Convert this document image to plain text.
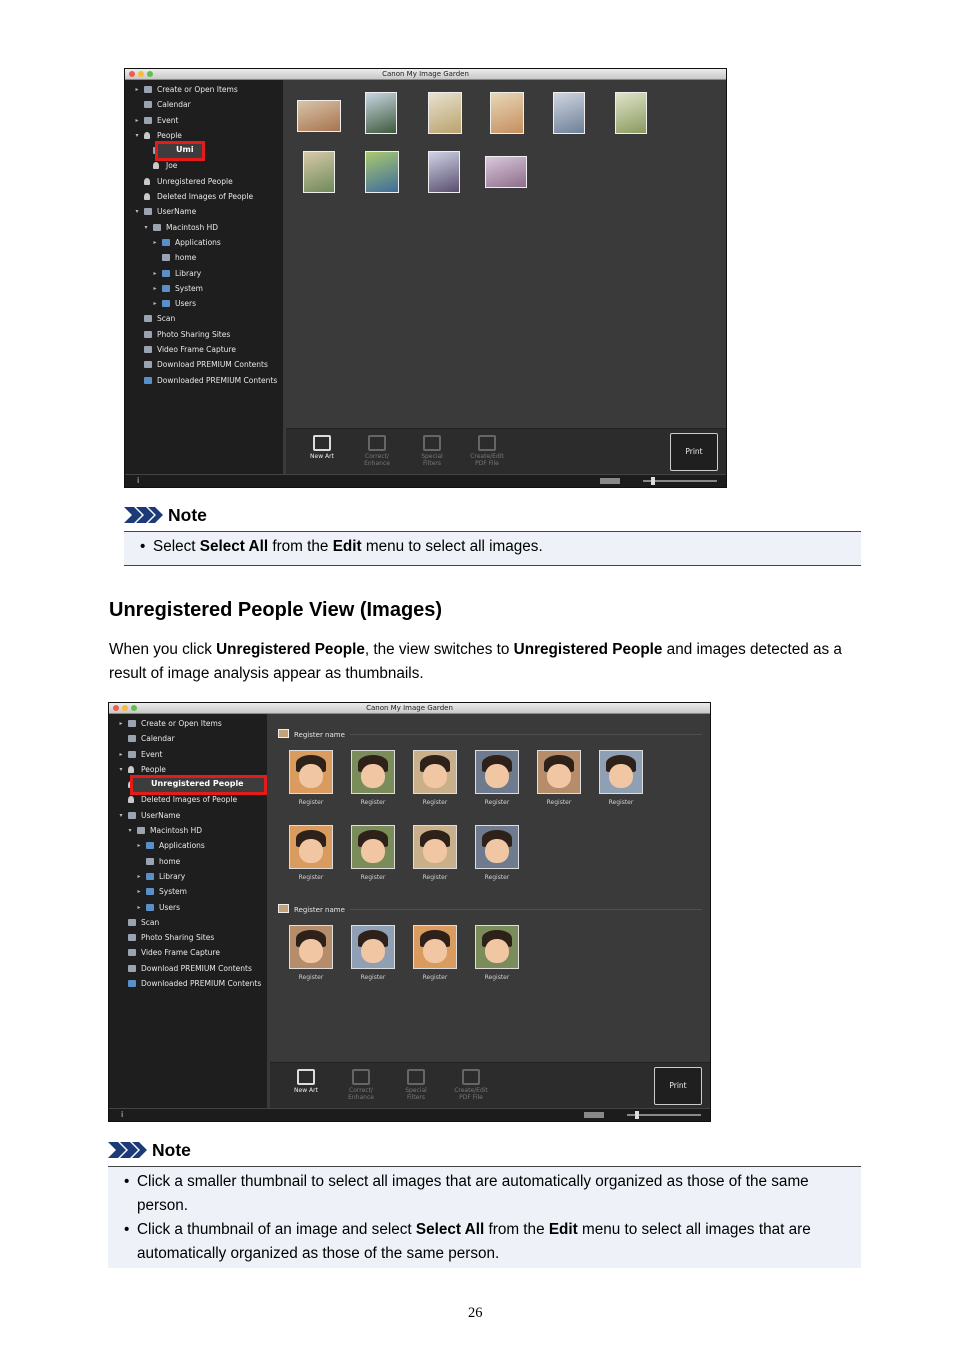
Canon My Image Garden
▸ Create or Open Items
Calendar
▸ Event
▾ People
Umi
Joe
Unregistered People
Deleted Images of People
▾ UserName
▾ Macintosh HD
▸ Applications
home
▸ Library
▸ System
▸ Users
Scan
Photo Sharing Sites
Video Frame Capture
Download PREMIUM Contents
Downloaded PREMIUM Contents
New Art	Correct/
Enhance
Special
Filters
Create/Edit
PDF File
Print
i
Note
• Select Select All from the Edit menu to select all images.
Unregistered People View (Images)
When you click Unregistered People, the view switches to Unregistered People and images detected as a result of image analysis appear as thumbnails.
Canon My Image Garden
▸ Create or Open Items
Calendar
▸ Event
▾ People
Unregistered People
Deleted Images of People
▾ UserName
▾ Macintosh HD
▸ Applications
home
▸ Library
▸ System
▸ Users
Scan
Photo Sharing Sites
Video Frame Capture
Download PREMIUM Contents
Downloaded PREMIUM Contents
Register name
Register	Register	Register	Register	Register	Register
Register	Register	Register	Register
Register name
Register	Register	Register	Register
New Art	Correct/
Enhance
Special
Filters
Create/Edit
PDF File
Print
i
Note
• Click a smaller thumbnail to select all images that are automatically organized as those of the same person.
• Click a thumbnail of an image and select Select All from the Edit menu to select all images that are automatically organized as those of the same person.
26
